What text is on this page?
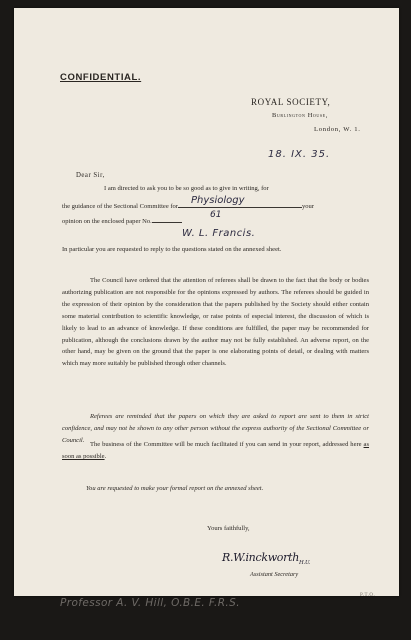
CONFIDENTIAL.
ROYAL SOCIETY,
Burlington House,
London, W. 1.
18. IX. 35.
Dear Sir,
I am directed to ask you to be so good as to give in writing, for
the guidance of the Sectional Committee for	your
Physiology
opinion on the enclosed paper No.
61
W. L. Francis.
In particular you are requested to reply to the questions stated on the annexed sheet.
The Council have ordered that the attention of referees shall be drawn to the fact that the body or bodies authorizing publication are not responsible for the opinions expressed by authors. The referees should be guided in the expression of their opinion by the consideration that the papers published by the Society should either contain some material contribution to scientific knowledge, or raise points of especial interest, the discussion of which is likely to lead to an advance of knowledge. If these conditions are fulfilled, the paper may be recommended for publication, although the conclusions drawn by the author may not be fully established. An adverse report, on the other hand, may be given on the ground that the paper is one elaborating points of detail, or dealing with matters which may more suitably be published through other channels.
Referees are reminded that the papers on which they are asked to report are sent to them in strict confidence, and may not be shown to any other person without the express authority of the Sectional Committee or Council.
The business of the Committee will be much facilitated if you can send in your report, addressed here as soon as possible.
You are requested to make your formal report on the annexed sheet.
Yours faithfully,
R.W.inckworth$_{H.U.}$
Assistant Secretary
Professor A. V. Hill, O.B.E. F.R.S.
P.T.O.
